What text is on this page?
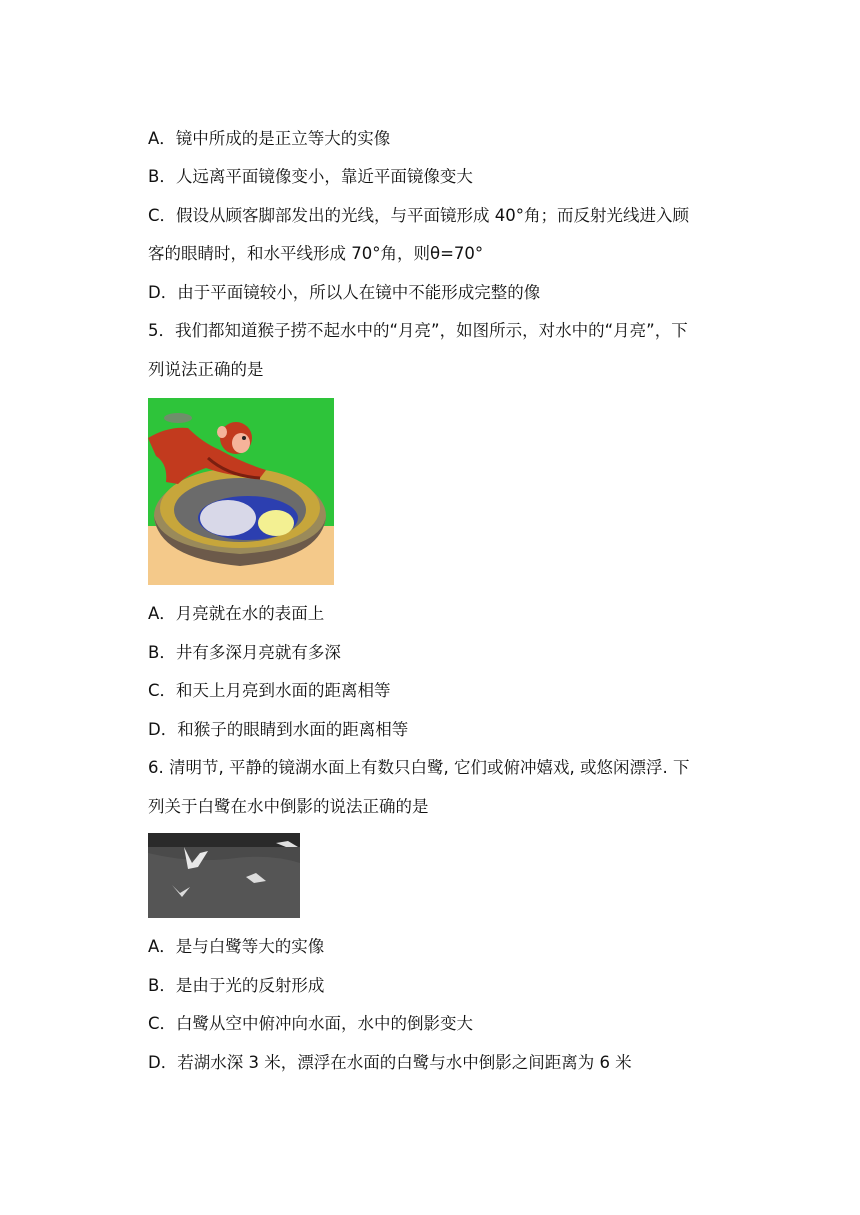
A．镜中所成的是正立等大的实像
B．人远离平面镜像变小，靠近平面镜像变大
C．假设从顾客脚部发出的光线，与平面镜形成 40°角；而反射光线进入顾
客的眼睛时，和水平线形成 70°角，则θ=70°
D．由于平面镜较小，所以人在镜中不能形成完整的像
5．我们都知道猴子捞不起水中的“月亮”，如图所示，对水中的“月亮”，下
列说法正确的是
A．月亮就在水的表面上
B．井有多深月亮就有多深
C．和天上月亮到水面的距离相等
D．和猴子的眼睛到水面的距离相等
6. 清明节, 平静的镜湖水面上有数只白鹭, 它们或俯冲嬉戏, 或悠闲漂浮. 下
列关于白鹭在水中倒影的说法正确的是
A．是与白鹭等大的实像
B．是由于光的反射形成
C．白鹭从空中俯冲向水面，水中的倒影变大
D．若湖水深 3 米，漂浮在水面的白鹭与水中倒影之间距离为 6 米
